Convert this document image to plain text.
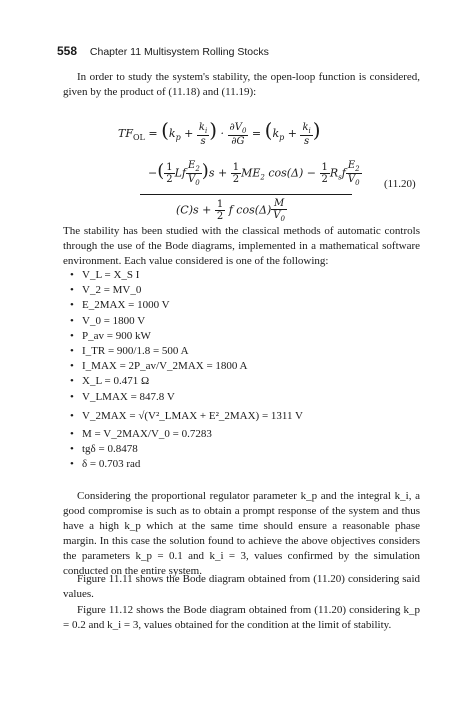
558 Chapter 11 Multisystem Rolling Stocks
In order to study the system's stability, the open-loop function is considered, given by the product of (11.18) and (11.19):
$TF_{OL} = (k_p + \frac{k_i}{s}$ ) · $\frac{\partial V_0}{\partial G} = (k_p + \frac{k_i}{s}$ )
−( $\frac{1}{2}$ Lf $\frac{E_2}{V_0} )s + \frac{1}{2} ME_2$ $\cos(\Delta) - \frac{1}{2} R_sf \frac{E_2}{V_0}$
$(C)s + \frac{1}{2}$ f $\cos(\Delta) \frac{M}{V_0}$
(11.20)
The stability has been studied with the classical methods of automatic controls through the use of the Bode diagrams, implemented in a mathematical software environment. Each value considered is one of the following:
• V_L = X_S I
• V_2 = MV_0
• E_2MAX = 1000 V
• V_0 = 1800 V
• P_av = 900 kW
• I_TR = 900/1.8 = 500 A
• I_MAX = 2P_av/V_2MAX = 1800 A
• X_L = 0.471 Ω
• V_LMAX = 847.8 V
• V_2MAX = √(V²_LMAX + E²_2MAX) = 1311 V
• M = V_2MAX/V_0 = 0.7283
• tgδ = 0.8478
• δ = 0.703 rad
Considering the proportional regulator parameter k_p and the integral k_i, a good compromise is such as to obtain a prompt response of the system and thus have a high k_p which at the same time should ensure a reasonable phase margin. In this case the solution found to achieve the above objectives considers the parameters k_p = 0.1 and k_i = 3, values confirmed by the simulation conducted on the entire system.
Figure 11.11 shows the Bode diagram obtained from (11.20) considering said values.
Figure 11.12 shows the Bode diagram obtained from (11.20) considering k_p = 0.2 and k_i = 3, values obtained for the condition at the limit of stability.
